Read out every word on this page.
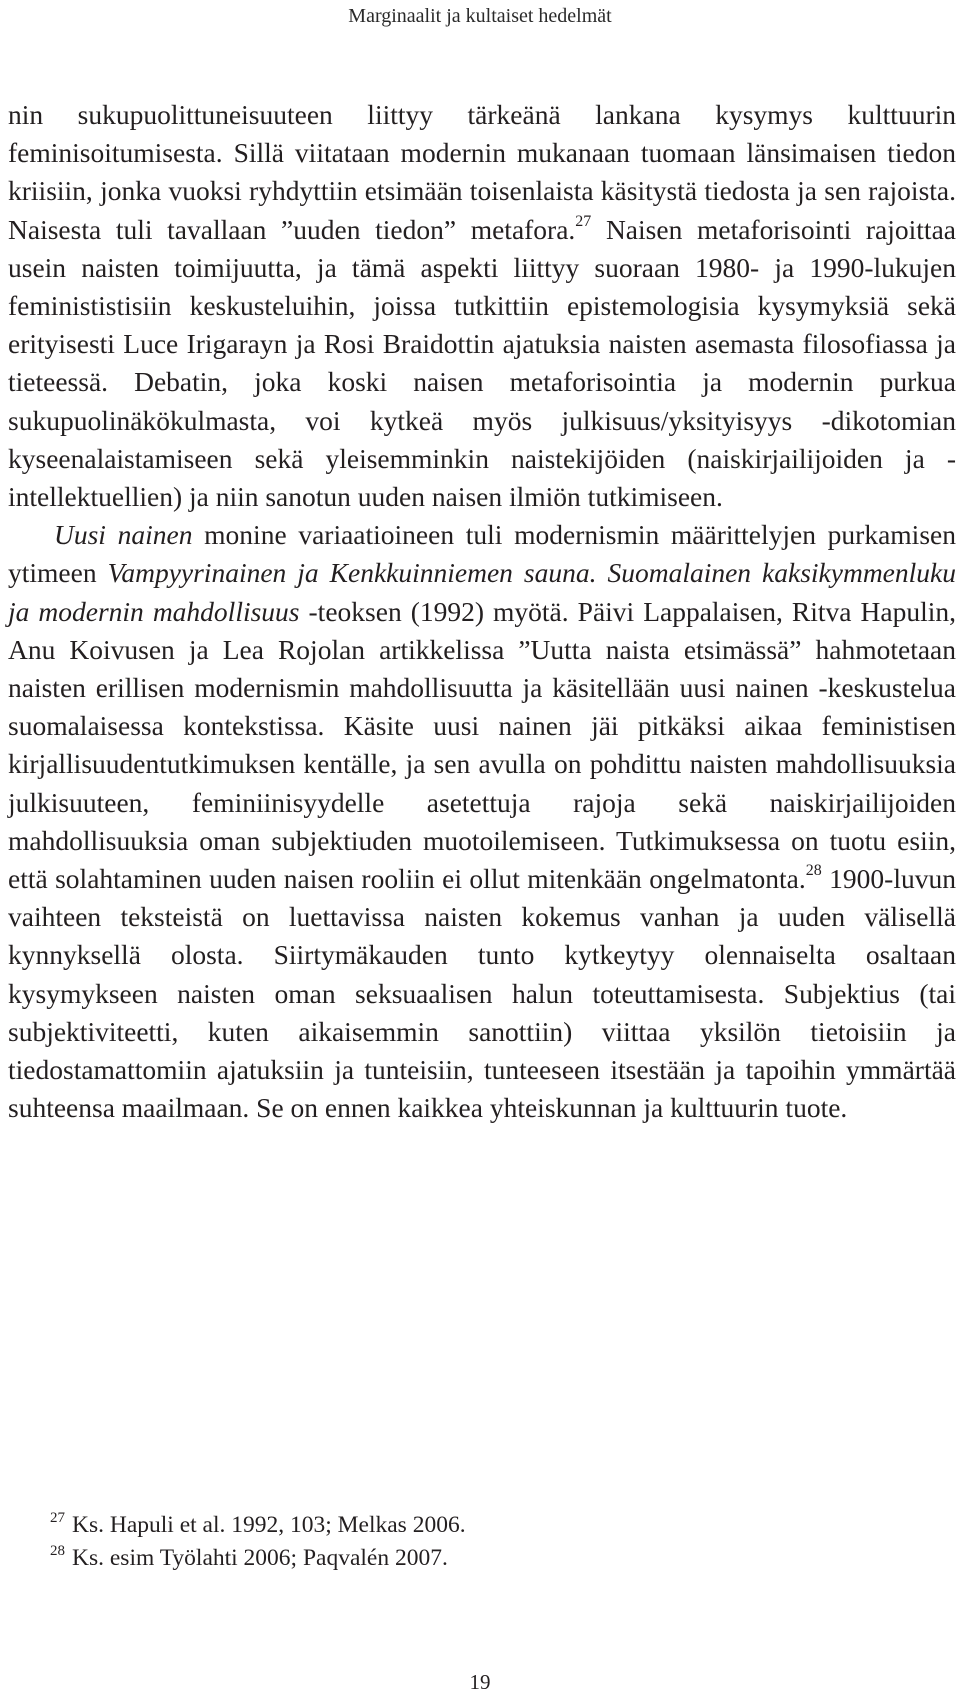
Marginaalit ja kultaiset hedelmät

nin sukupuolittuneisuuteen liittyy tärkeänä lankana kysymys kulttuurin feminisoitumisesta. Sillä viitataan modernin mukanaan tuomaan länsimaisen tiedon kriisiin, jonka vuoksi ryhdyttiin etsimään toisenlaista käsitystä tiedosta ja sen rajoista. Naisesta tuli tavallaan ”uuden tiedon” metafora.$^{27}$ Naisen metaforisointi rajoittaa usein naisten toimijuutta, ja tämä aspekti liittyy suoraan 1980- ja 1990-lukujen feminististisiin keskusteluihin, joissa tutkittiin epistemologisia kysymyksiä sekä erityisesti Luce Irigarayn ja Rosi Braidottin ajatuksia naisten asemasta filosofiassa ja tieteessä. Debatin, joka koski naisen metaforisointia ja modernin purkua sukupuolinäkökulmasta, voi kytkeä myös julkisuus/yksityisyys -dikotomian kyseenalaistamiseen sekä yleisemminkin naistekijöiden (naiskirjailijoiden ja -intellektuellien) ja niin sanotun uuden naisen ilmiön tutkimiseen.

Uusi nainen monine variaatioineen tuli modernismin määrittelyjen purkamisen ytimeen Vampyyrinainen ja Kenkkuinniemen sauna. Suomalainen kaksikymmenluku ja modernin mahdollisuus -teoksen (1992) myötä. Päivi Lappalaisen, Ritva Hapulin, Anu Koivusen ja Lea Rojolan artikkelissa ”Uutta naista etsimässä” hahmotetaan naisten erillisen modernismin mahdollisuutta ja käsitellään uusi nainen -keskustelua suomalaisessa kontekstissa. Käsite uusi nainen jäi pitkäksi aikaa feministisen kirjallisuudentutkimuksen kentälle, ja sen avulla on pohdittu naisten mahdollisuuksia julkisuuteen, feminiinisyydelle asetettuja rajoja sekä naiskirjailijoiden mahdollisuuksia oman subjektiuden muotoilemiseen. Tutkimuksessa on tuotu esiin, että solahtaminen uuden naisen rooliin ei ollut mitenkään ongelmatonta.$^{28}$ 1900-luvun vaihteen teksteistä on luettavissa naisten kokemus vanhan ja uuden välisellä kynnyksellä olosta. Siirtymäkauden tunto kytkeytyy olennaiselta osaltaan kysymykseen naisten oman seksuaalisen halun toteuttamisesta. Subjektius (tai subjektiviteetti, kuten aikaisemmin sanottiin) viittaa yksilön tietoisiin ja tiedostamattomiin ajatuksiin ja tunteisiin, tunteeseen itsestään ja tapoihin ymmärtää suhteensa maailmaan. Se on ennen kaikkea yhteiskunnan ja kulttuurin tuote.

$^{27}$ Ks. Hapuli et al. 1992, 103; Melkas 2006.

$^{28}$ Ks. esim Työlahti 2006; Paqvalén 2007.

19
